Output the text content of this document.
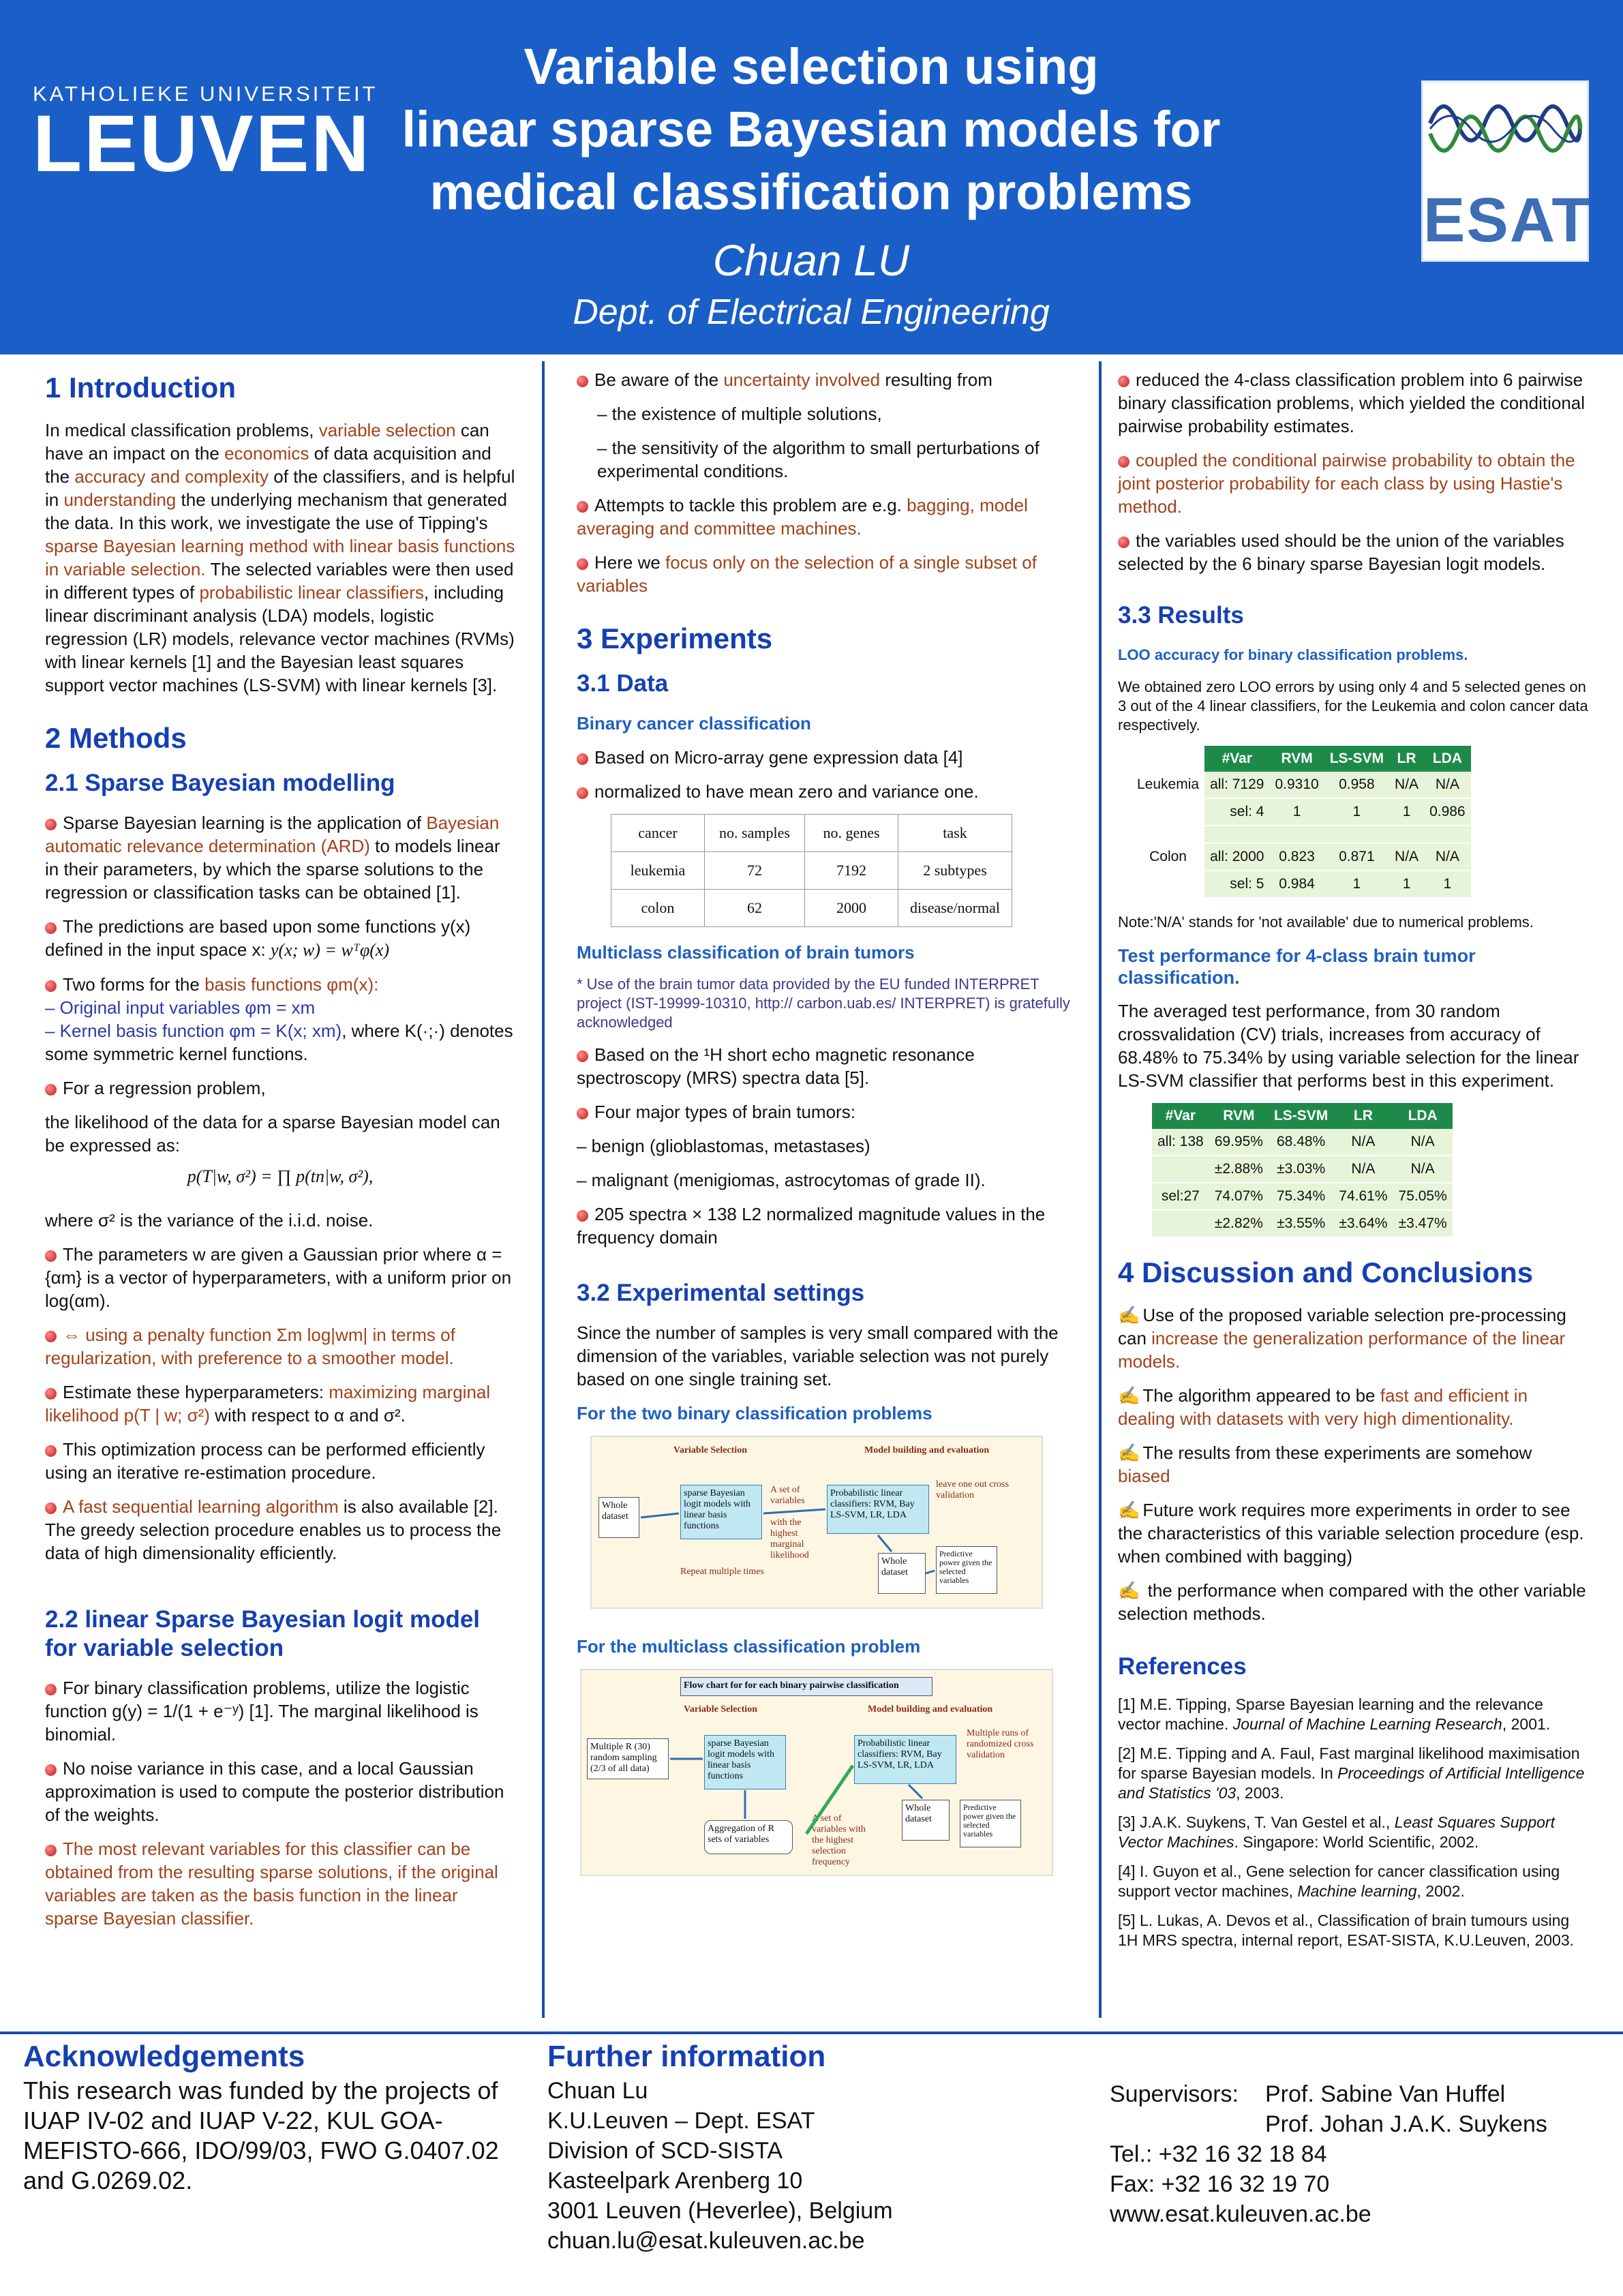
KATHOLIEKE UNIVERSITEIT
LEUVEN
Variable selection using
linear sparse Bayesian models for
medical classification problems
Chuan LU
Dept. of Electrical Engineering
ESAT
1 Introduction

In medical classification problems, variable selection can have an impact on the economics of data acquisition and the accuracy and complexity of the classifiers, and is helpful in understanding the underlying mechanism that generated the data. In this work, we investigate the use of Tipping's sparse Bayesian learning method with linear basis functions in variable selection. The selected variables were then used in different types of probabilistic linear classifiers, including linear discriminant analysis (LDA) models, logistic regression (LR) models, relevance vector machines (RVMs) with linear kernels [1] and the Bayesian least squares support vector machines (LS-SVM) with linear kernels [3].

2 Methods
2.1 Sparse Bayesian modelling

Sparse Bayesian learning is the application of Bayesian automatic relevance determination (ARD) to models linear in their parameters, by which the sparse solutions to the regression or classification tasks can be obtained [1].

The predictions are based upon some functions y(x) defined in the input space x: y(x; w) = wᵀφ(x)

Two forms for the basis functions φm(x):
– Original input variables φm = xm
– Kernel basis function φm = K(x; xm), where K(·;·) denotes some symmetric kernel functions.

For a regression problem,

the likelihood of the data for a sparse Bayesian model can be expressed as:

p(T|w, σ²) = ∏ p(tn|w, σ²),

where σ² is the variance of the i.i.d. noise.

The parameters w are given a Gaussian prior where α = {αm} is a vector of hyperparameters, with a uniform prior on log(αm).

⇔ using a penalty function Σm log|wm| in terms of regularization, with preference to a smoother model.

Estimate these hyperparameters: maximizing marginal likelihood p(T | w; σ²) with respect to α and σ².

This optimization process can be performed efficiently using an iterative re-estimation procedure.

A fast sequential learning algorithm is also available [2]. The greedy selection procedure enables us to process the data of high dimensionality efficiently.

2.2 linear Sparse Bayesian logit model for variable selection

For binary classification problems, utilize the logistic function g(y) = 1/(1 + e⁻ʸ) [1]. The marginal likelihood is binomial.

No noise variance in this case, and a local Gaussian approximation is used to compute the posterior distribution of the weights.

The most relevant variables for this classifier can be obtained from the resulting sparse solutions, if the original variables are taken as the basis function in the linear sparse Bayesian classifier.

Be aware of the uncertainty involved resulting from

– the existence of multiple solutions,

– the sensitivity of the algorithm to small perturbations of experimental conditions.

Attempts to tackle this problem are e.g. bagging, model averaging and committee machines.

Here we focus only on the selection of a single subset of variables

3 Experiments
3.1 Data
Binary cancer classification

Based on Micro-array gene expression data [4]

normalized to have mean zero and variance one.

cancer	no. samples	no. genes	task
leukemia	72	7192	2 subtypes
colon	62	2000	disease/normal
Multiclass classification of brain tumors

* Use of the brain tumor data provided by the EU funded INTERPRET project (IST-19999-10310, http:// carbon.uab.es/ INTERPRET) is gratefully acknowledged

Based on the ¹H short echo magnetic resonance spectroscopy (MRS) spectra data [5].

Four major types of brain tumors:

– benign (glioblastomas, metastases)

– malignant (menigiomas, astrocytomas of grade II).

205 spectra × 138 L2 normalized magnitude values in the frequency domain

3.2 Experimental settings

Since the number of samples is very small compared with the dimension of the variables, variable selection was not purely based on one single training set.

For the two binary classification problems
Variable Selection	Model building and evaluation
Whole dataset
sparse Bayesian logit models with linear basis functions
A set of variables
with the highest marginal likelihood
Repeat multiple times
Probabilistic linear classifiers: RVM, Bay LS-SVM, LR, LDA
leave one out cross validation
Whole dataset
Predictive power given the selected variables
For the multiclass classification problem
Flow chart for for each binary pairwise classification
Variable Selection	Model building and evaluation
Multiple R (30) random sampling (2/3 of all data)
sparse Bayesian logit models with linear basis functions
Aggregation of R sets of variables
A set of variables with the highest selection frequency
Probabilistic linear classifiers: RVM, Bay LS-SVM, LR, LDA
Multiple runs of randomized cross validation
Whole dataset
Predictive power given the selected variables

reduced the 4-class classification problem into 6 pairwise binary classification problems, which yielded the conditional pairwise probability estimates.

coupled the conditional pairwise probability to obtain the joint posterior probability for each class by using Hastie's method.

the variables used should be the union of the variables selected by the 6 binary sparse Bayesian logit models.

3.3 Results
LOO accuracy for binary classification problems.

We obtained zero LOO errors by using only 4 and 5 selected genes on 3 out of the 4 linear classifiers, for the Leukemia and colon cancer data respectively.

	#Var	RVM	LS-SVM	LR	LDA
Leukemia	all: 7129	0.9310	0.958	N/A	N/A
	sel: 4	1	1	1	0.986

Colon	all: 2000	0.823	0.871	N/A	N/A
	sel: 5	0.984	1	1	1

Note:'N/A' stands for 'not available' due to numerical problems.

Test performance for 4-class brain tumor classification.

The averaged test performance, from 30 random crossvalidation (CV) trials, increases from accuracy of 68.48% to 75.34% by using variable selection for the linear LS-SVM classifier that performs best in this experiment.

#Var	RVM	LS-SVM	LR	LDA
all: 138	69.95%	68.48%	N/A	N/A
	±2.88%	±3.03%	N/A	N/A
sel:27	74.07%	75.34%	74.61%	75.05%
	±2.82%	±3.55%	±3.64%	±3.47%
4 Discussion and Conclusions

✍ Use of the proposed variable selection pre-processing can increase the generalization performance of the linear models.

✍ The algorithm appeared to be fast and efficient in dealing with datasets with very high dimentionality.

✍ The results from these experiments are somehow biased

✍ Future work requires more experiments in order to see the characteristics of this variable selection procedure (esp. when combined with bagging)

✍ the performance when compared with the other variable selection methods.

References

[1] M.E. Tipping, Sparse Bayesian learning and the relevance vector machine. Journal of Machine Learning Research, 2001.

[2] M.E. Tipping and A. Faul, Fast marginal likelihood maximisation for sparse Bayesian models. In Proceedings of Artificial Intelligence and Statistics '03, 2003.

[3] J.A.K. Suykens, T. Van Gestel et al., Least Squares Support Vector Machines. Singapore: World Scientific, 2002.

[4] I. Guyon et al., Gene selection for cancer classification using support vector machines, Machine learning, 2002.

[5] L. Lukas, A. Devos et al., Classification of brain tumours using 1H MRS spectra, internal report, ESAT-SISTA, K.U.Leuven, 2003.

Acknowledgements
This research was funded by the projects of IUAP IV-02 and IUAP V-22, KUL GOA-MEFISTO-666, IDO/99/03, FWO G.0407.02 and G.0269.02.
Further information
Chuan Lu
K.U.Leuven – Dept. ESAT
Division of SCD-SISTA
Kasteelpark Arenberg 10
3001 Leuven (Heverlee), Belgium
chuan.lu@esat.kuleuven.ac.be
Supervisors: Prof. Sabine Van Huffel
Prof. Johan J.A.K. Suykens
Tel.: +32 16 32 18 84
Fax: +32 16 32 19 70
www.esat.kuleuven.ac.be
